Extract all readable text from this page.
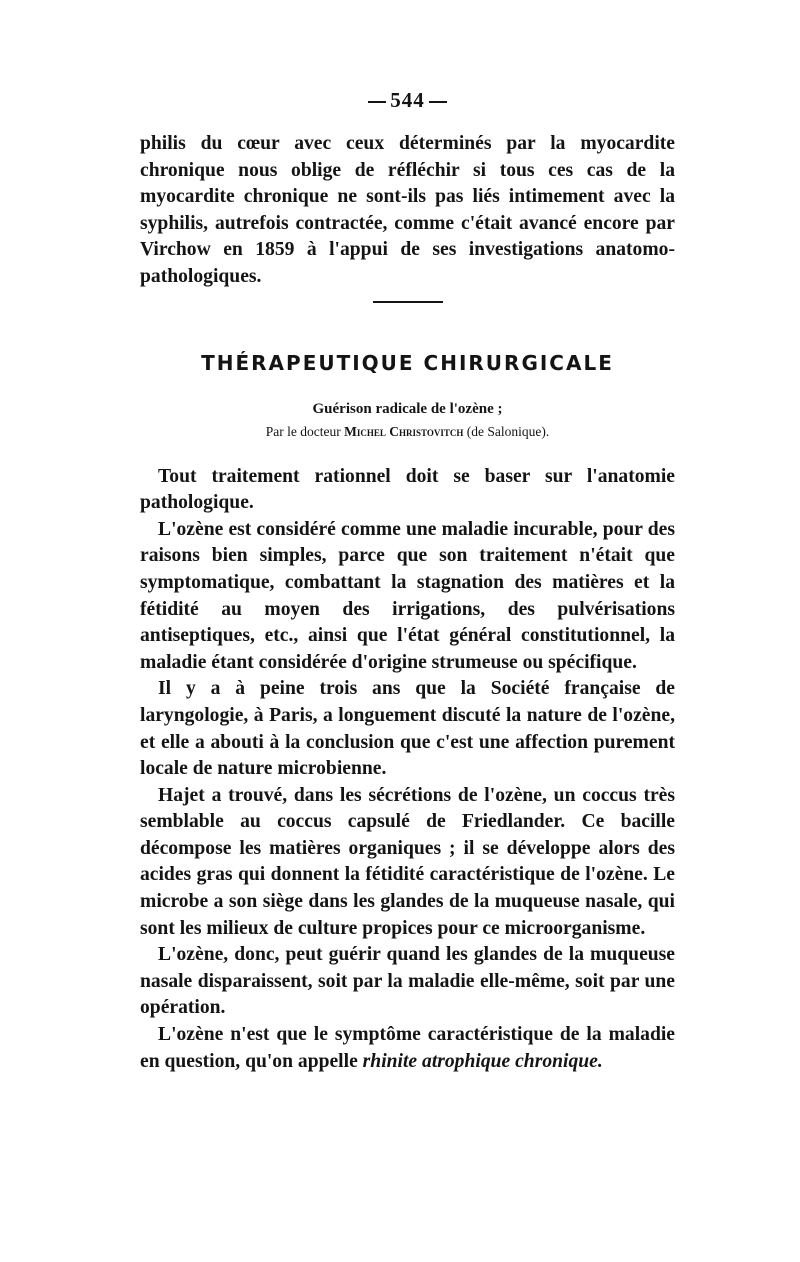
544

philis du cœur avec ceux déterminés par la myocardite chronique nous oblige de réfléchir si tous ces cas de la myocardite chronique ne sont-ils pas liés intimement avec la syphilis, autrefois contractée, comme c'était avancé encore par Virchow en 1859 à l'appui de ses investigations anatomo-pathologiques.

THÉRAPEUTIQUE CHIRURGICALE
Guérison radicale de l'ozène ;
Par le docteur Michel Christovitch (de Salonique).

Tout traitement rationnel doit se baser sur l'anatomie pathologique.

L'ozène est considéré comme une maladie incurable, pour des raisons bien simples, parce que son traitement n'était que symptomatique, combattant la stagnation des matières et la fétidité au moyen des irrigations, des pulvérisations antiseptiques, etc., ainsi que l'état général constitutionnel, la maladie étant considérée d'origine strumeuse ou spécifique.

Il y a à peine trois ans que la Société française de laryngologie, à Paris, a longuement discuté la nature de l'ozène, et elle a abouti à la conclusion que c'est une affection purement locale de nature microbienne.

Hajet a trouvé, dans les sécrétions de l'ozène, un coccus très semblable au coccus capsulé de Friedlander. Ce bacille décompose les matières organiques ; il se développe alors des acides gras qui donnent la fétidité caractéristique de l'ozène. Le microbe a son siège dans les glandes de la muqueuse nasale, qui sont les milieux de culture propices pour ce microorganisme.

L'ozène, donc, peut guérir quand les glandes de la muqueuse nasale disparaissent, soit par la maladie elle-même, soit par une opération.

L'ozène n'est que le symptôme caractéristique de la maladie en question, qu'on appelle rhinite atrophique chronique.
